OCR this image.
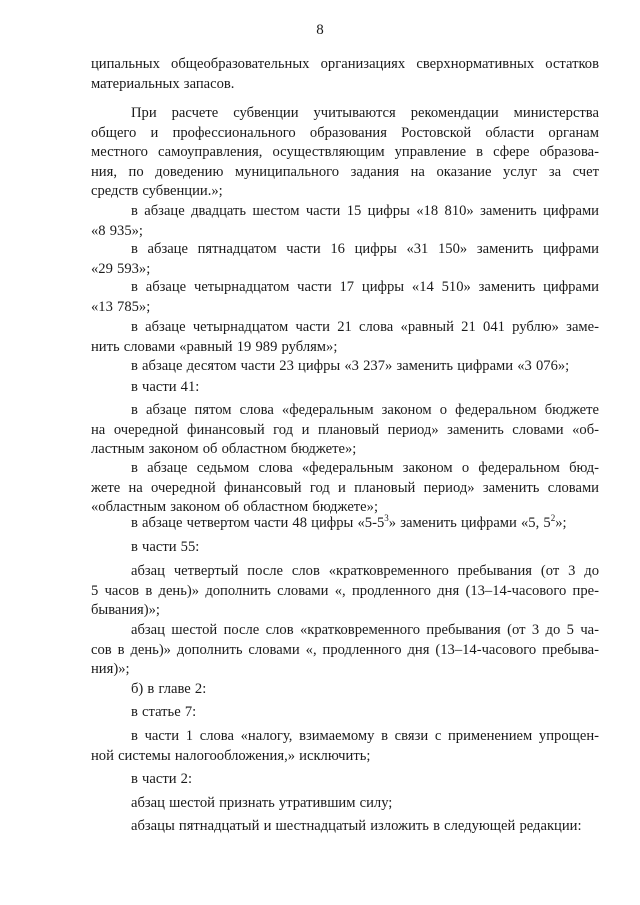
8
ципальных общеобразовательных организациях сверхнормативных остатков
материальных запасов.
При расчете субвенции учитываются рекомендации министерства
общего и профессионального образования Ростовской области органам
местного самоуправления, осуществляющим управление в сфере образова-
ния, по доведению муниципального задания на оказание услуг за счет
средств субвенции.»;
в абзаце двадцать шестом части 15 цифры «18 810» заменить цифрами
«8 935»;
в абзаце пятнадцатом части 16 цифры «31 150» заменить цифрами
«29 593»;
в абзаце четырнадцатом части 17 цифры «14 510» заменить цифрами
«13 785»;
в абзаце четырнадцатом части 21 слова «равный 21 041 рублю» заме-
нить словами «равный 19 989 рублям»;
в абзаце десятом части 23 цифры «3 237» заменить цифрами «3 076»;
в части 41:
в абзаце пятом слова «федеральным законом о федеральном бюджете
на очередной финансовый год и плановый период» заменить словами «об-
ластным законом об областном бюджете»;
в абзаце седьмом слова «федеральным законом о федеральном бюд-
жете на очередной финансовый год и плановый период» заменить словами
«областным законом об областном бюджете»;
в абзаце четвертом части 48 цифры «$5-5^3$» заменить цифрами «5, $5^2$»;
в части 55:
абзац четвертый после слов «кратковременного пребывания (от 3 до
5 часов в день)» дополнить словами «, продленного дня (13–14-часового пре-
бывания)»;
абзац шестой после слов «кратковременного пребывания (от 3 до 5 ча-
сов в день)» дополнить словами «, продленного дня (13–14-часового пребыва-
ния)»;
б) в главе 2:
в статье 7:
в части 1 слова «налогу, взимаемому в связи с применением упрощен-
ной системы налогообложения,» исключить;
в части 2:
абзац шестой признать утратившим силу;
абзацы пятнадцатый и шестнадцатый изложить в следующей редакции:
